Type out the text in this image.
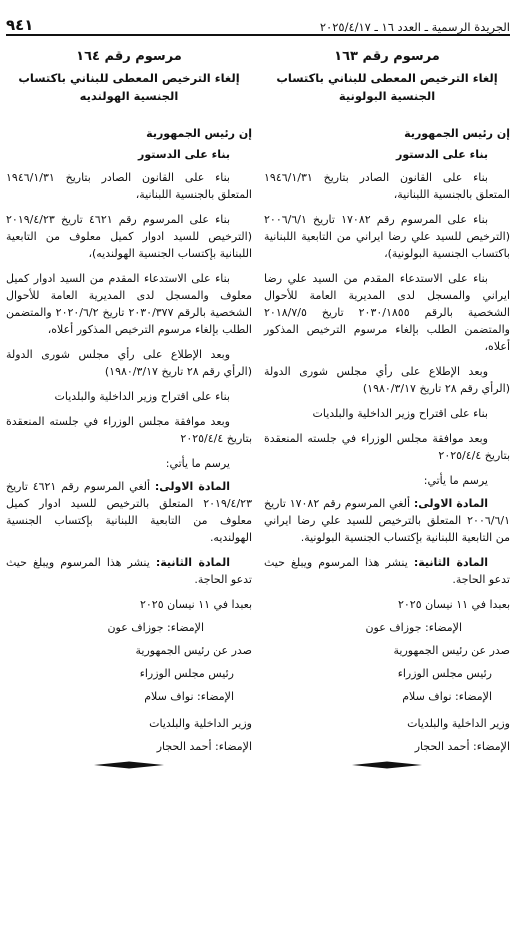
الجريدة الرسمية ـ العدد ١٦ ـ ٢٠٢٥/٤/١٧
٩٤١
مرسوم رقم ١٦٣
إلغاء الترخيص المعطى للبناني باكتساب
الجنسية البولونية
إن رئيس الجمهورية
بناء على الدستور

بناء على القانون الصادر بتاريخ ١٩٤٦/١/٣١ المتعلق بالجنسية اللبنانية،

بناء على المرسوم رقم ١٧٠٨٢ تاريخ ٢٠٠٦/٦/١ (الترخيص للسيد علي رضا ايراني من التابعية اللبنانية باكتساب الجنسية البولونية)،

بناء على الاستدعاء المقدم من السيد علي رضا ايراني والمسجل لدى المديرية العامة للأحوال الشخصية بالرقم ٢٠٣٠/١٨٥٥ تاريخ ٢٠١٨/٧/٥ والمتضمن الطلب بإلغاء مرسوم الترخيص المذكور أعلاه،

وبعد الإطلاع على رأي مجلس شورى الدولة (الرأي رقم ٢٨ تاريخ ١٩٨٠/٣/١٧)

بناء على اقتراح وزير الداخلية والبلديات

وبعد موافقة مجلس الوزراء في جلسته المنعقدة بتاريخ ٢٠٢٥/٤/٤

يرسم ما يأتي:

المادة الاولى: ألغي المرسوم رقم ١٧٠٨٢ تاريخ ٢٠٠٦/٦/١ المتعلق بالترخيص للسيد علي رضا ايراني من التابعية اللبنانية بإكتساب الجنسية البولونية.

المادة الثانية: ينشر هذا المرسوم ويبلغ حيث تدعو الحاجة.

بعبدا في ١١ نيسان ٢٠٢٥
الإمضاء: جوزاف عون
صدر عن رئيس الجمهورية
رئيس مجلس الوزراء
الإمضاء: نواف سلام
وزير الداخلية والبلديات
الإمضاء: أحمد الحجار
مرسوم رقم ١٦٤
إلغاء الترخيص المعطى للبناني باكتساب
الجنسية الهولنديه
إن رئيس الجمهورية
بناء على الدستور

بناء على القانون الصادر بتاريخ ١٩٤٦/١/٣١ المتعلق بالجنسية اللبنانية،

بناء على المرسوم رقم ٤٦٢١ تاريخ ٢٠١٩/٤/٢٣ (الترخيص للسيد ادوار كميل معلوف من التابعية اللبنانية بإكتساب الجنسية الهولنديه)،

بناء على الاستدعاء المقدم من السيد ادوار كميل معلوف والمسجل لدى المديرية العامة للأحوال الشخصية بالرقم ٢٠٣٠/٣٧٧ تاريخ ٢٠٢٠/٦/٢ والمتضمن الطلب بإلغاء مرسوم الترخيص المذكور أعلاه،

وبعد الإطلاع على رأي مجلس شورى الدولة (الرأي رقم ٢٨ تاريخ ١٩٨٠/٣/١٧)

بناء على اقتراح وزير الداخلية والبلديات

وبعد موافقة مجلس الوزراء في جلسته المنعقدة بتاريخ ٢٠٢٥/٤/٤

يرسم ما يأتي:

المادة الاولى: ألغي المرسوم رقم ٤٦٢١ تاريخ ٢٠١٩/٤/٢٣ المتعلق بالترخيص للسيد ادوار كميل معلوف من التابعية اللبنانية بإكتساب الجنسية الهولنديه.

المادة الثانية: ينشر هذا المرسوم ويبلغ حيث تدعو الحاجة.

بعبدا في ١١ نيسان ٢٠٢٥
الإمضاء: جوزاف عون
صدر عن رئيس الجمهورية
رئيس مجلس الوزراء
الإمضاء: نواف سلام
وزير الداخلية والبلديات
الإمضاء: أحمد الحجار
